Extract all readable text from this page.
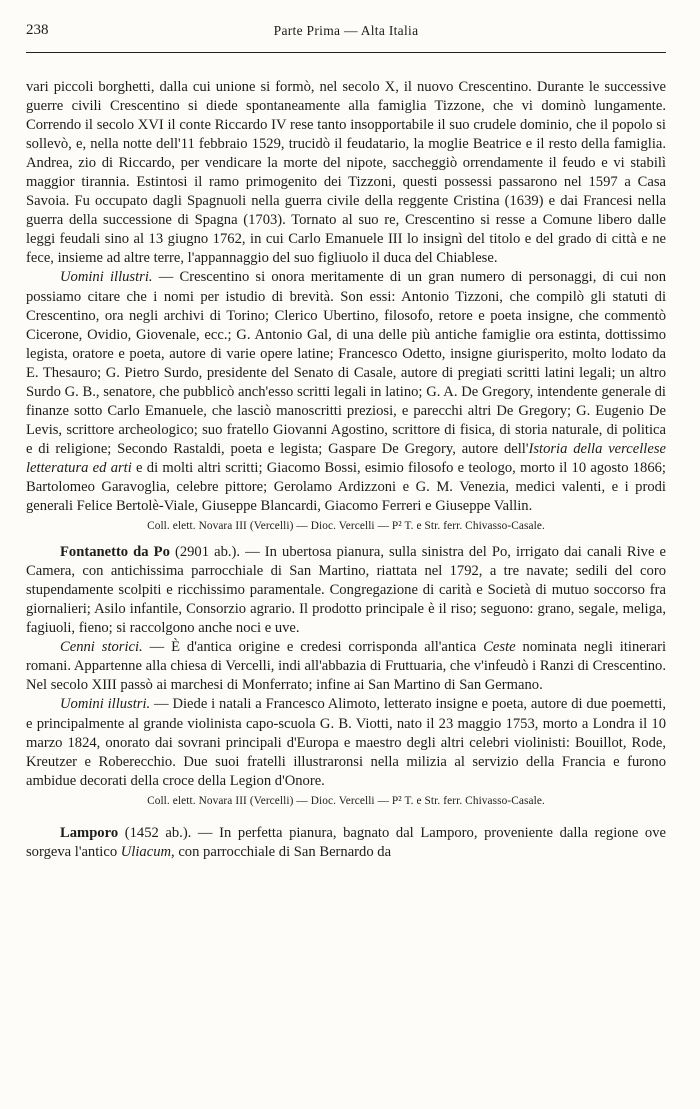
238	Parte Prima — Alta Italia

vari piccoli borghetti, dalla cui unione si formò, nel secolo X, il nuovo Crescentino. Durante le successive guerre civili Crescentino si diede spontaneamente alla famiglia Tizzone, che vi dominò lungamente. Correndo il secolo XVI il conte Riccardo IV rese tanto insopportabile il suo crudele dominio, che il popolo si sollevò, e, nella notte dell'11 febbraio 1529, trucidò il feudatario, la moglie Beatrice e il resto della famiglia. Andrea, zio di Riccardo, per vendicare la morte del nipote, saccheggiò orrendamente il feudo e vi stabilì maggior tirannia. Estintosi il ramo primogenito dei Tizzoni, questi possessi passarono nel 1597 a Casa Savoia. Fu occupato dagli Spagnuoli nella guerra civile della reggente Cristina (1639) e dai Francesi nella guerra della successione di Spagna (1703). Tornato al suo re, Crescentino si resse a Comune libero dalle leggi feudali sino al 13 giugno 1762, in cui Carlo Emanuele III lo insignì del titolo e del grado di città e ne fece, insieme ad altre terre, l'appannaggio del suo figliuolo il duca del Chiablese.

Uomini illustri. — Crescentino si onora meritamente di un gran numero di personaggi, di cui non possiamo citare che i nomi per istudio di brevità. Son essi: Antonio Tizzoni, che compilò gli statuti di Crescentino, ora negli archivi di Torino; Clerico Ubertino, filosofo, retore e poeta insigne, che commentò Cicerone, Ovidio, Giovenale, ecc.; G. Antonio Gal, di una delle più antiche famiglie ora estinta, dottissimo legista, oratore e poeta, autore di varie opere latine; Francesco Odetto, insigne giurisperito, molto lodato da E. Thesauro; G. Pietro Surdo, presidente del Senato di Casale, autore di pregiati scritti latini legali; un altro Surdo G. B., senatore, che pubblicò anch'esso scritti legali in latino; G. A. De Gregory, intendente generale di finanze sotto Carlo Emanuele, che lasciò manoscritti preziosi, e parecchi altri De Gregory; G. Eugenio De Levis, scrittore archeologico; suo fratello Giovanni Agostino, scrittore di fisica, di storia naturale, di politica e di religione; Secondo Rastaldi, poeta e legista; Gaspare De Gregory, autore dell'Istoria della vercellese letteratura ed arti e di molti altri scritti; Giacomo Bossi, esimio filosofo e teologo, morto il 10 agosto 1866; Bartolomeo Garavoglia, celebre pittore; Gerolamo Ardizzoni e G. M. Venezia, medici valenti, e i prodi generali Felice Bertolè-Viale, Giuseppe Blancardi, Giacomo Ferreri e Giuseppe Vallin.

Coll. elett. Novara III (Vercelli) — Dioc. Vercelli — P² T. e Str. ferr. Chivasso-Casale.

Fontanetto da Po (2901 ab.). — In ubertosa pianura, sulla sinistra del Po, irrigato dai canali Rive e Camera, con antichissima parrocchiale di San Martino, riattata nel 1792, a tre navate; sedili del coro stupendamente scolpiti e ricchissimo paramentale. Congregazione di carità e Società di mutuo soccorso fra giornalieri; Asilo infantile, Consorzio agrario. Il prodotto principale è il riso; seguono: grano, segale, meliga, fagiuoli, fieno; si raccolgono anche noci e uve.

Cenni storici. — È d'antica origine e credesi corrisponda all'antica Ceste nominata negli itinerari romani. Appartenne alla chiesa di Vercelli, indi all'abbazia di Fruttuaria, che v'infeudò i Ranzi di Crescentino. Nel secolo XIII passò ai marchesi di Monferrato; infine ai San Martino di San Germano.

Uomini illustri. — Diede i natali a Francesco Alimoto, letterato insigne e poeta, autore di due poemetti, e principalmente al grande violinista capo-scuola G. B. Viotti, nato il 23 maggio 1753, morto a Londra il 10 marzo 1824, onorato dai sovrani principali d'Europa e maestro degli altri celebri violinisti: Bouillot, Rode, Kreutzer e Roberecchio. Due suoi fratelli illustraronsi nella milizia al servizio della Francia e furono ambidue decorati della croce della Legion d'Onore.

Coll. elett. Novara III (Vercelli) — Dioc. Vercelli — P² T. e Str. ferr. Chivasso-Casale.

Lamporo (1452 ab.). — In perfetta pianura, bagnato dal Lamporo, proveniente dalla regione ove sorgeva l'antico Uliacum, con parrocchiale di San Bernardo da
